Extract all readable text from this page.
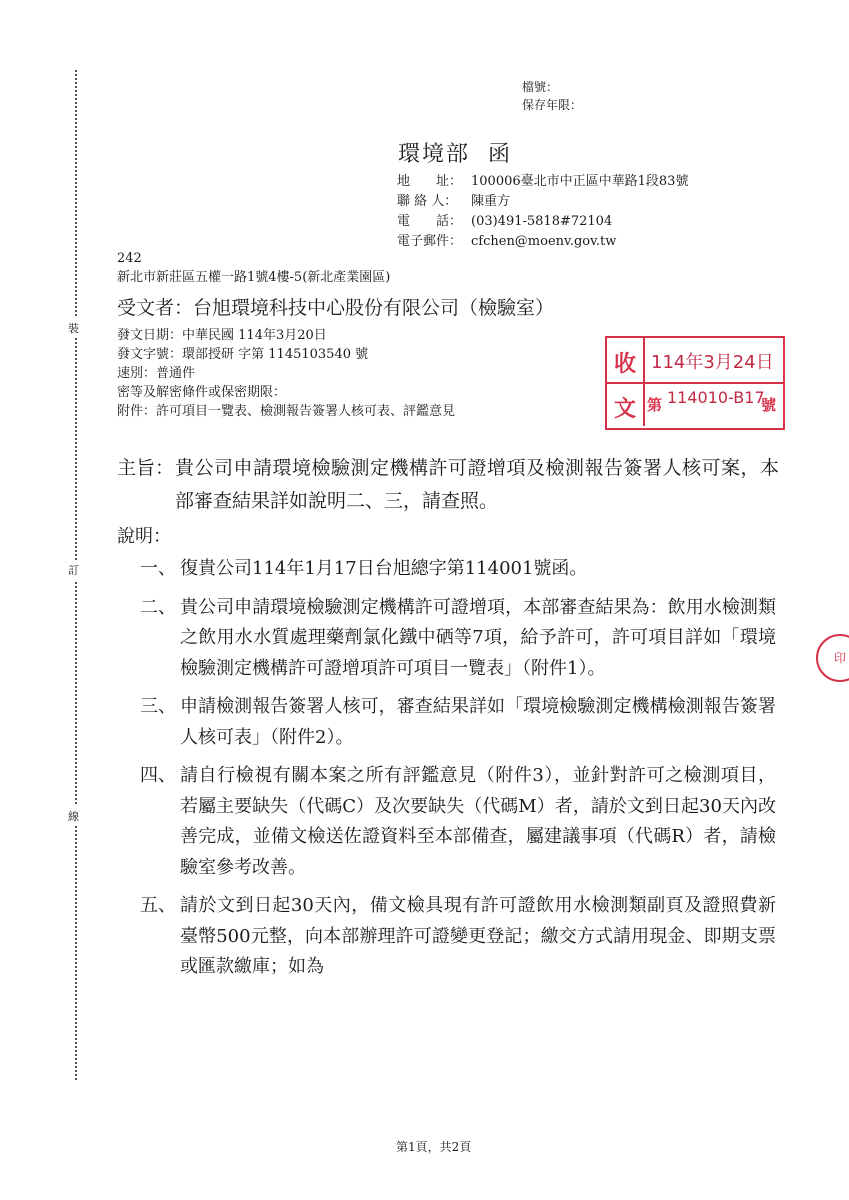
裝
訂
線
檔號：
保存年限：
環境部 函
地　　址： 100006臺北市中正區中華路1段83號
聯 絡 人：	陳重方
電　　話： (03)491-5818#72104
電子郵件： cfchen@moenv.gov.tw
242
新北市新莊區五權一路1號4樓-5(新北產業園區)
受文者：台旭環境科技中心股份有限公司（檢驗室）
發文日期：中華民國 114年3月20日
發文字號：環部授研 字第 1145103540 號
速別：普通件
密等及解密條件或保密期限：
附件：許可項目一覽表、檢測報告簽署人核可表、評鑑意見
收
文
114年3月24日
第 114010-B17
號
印
主旨： 貴公司申請環境檢驗測定機構許可證增項及檢測報告簽署人核可案，本部審查結果詳如說明二、三，請查照。
說明：
一、 復貴公司114年1月17日台旭總字第114001號函。
二、 貴公司申請環境檢驗測定機構許可證增項，本部審查結果為：飲用水檢測類之飲用水水質處理藥劑氯化鐵中硒等7項，給予許可，許可項目詳如「環境檢驗測定機構許可證增項許可項目一覽表」（附件1）。
三、 申請檢測報告簽署人核可，審查結果詳如「環境檢驗測定機構檢測報告簽署人核可表」（附件2）。
四、 請自行檢視有關本案之所有評鑑意見（附件3），並針對許可之檢測項目，若屬主要缺失（代碼C）及次要缺失（代碼M）者，請於文到日起30天內改善完成，並備文檢送佐證資料至本部備查，屬建議事項（代碼R）者，請檢驗室參考改善。
五、 請於文到日起30天內，備文檢具現有許可證飲用水檢測類副頁及證照費新臺幣500元整，向本部辦理許可證變更登記；繳交方式請用現金、即期支票或匯款繳庫；如為
第1頁，共2頁
